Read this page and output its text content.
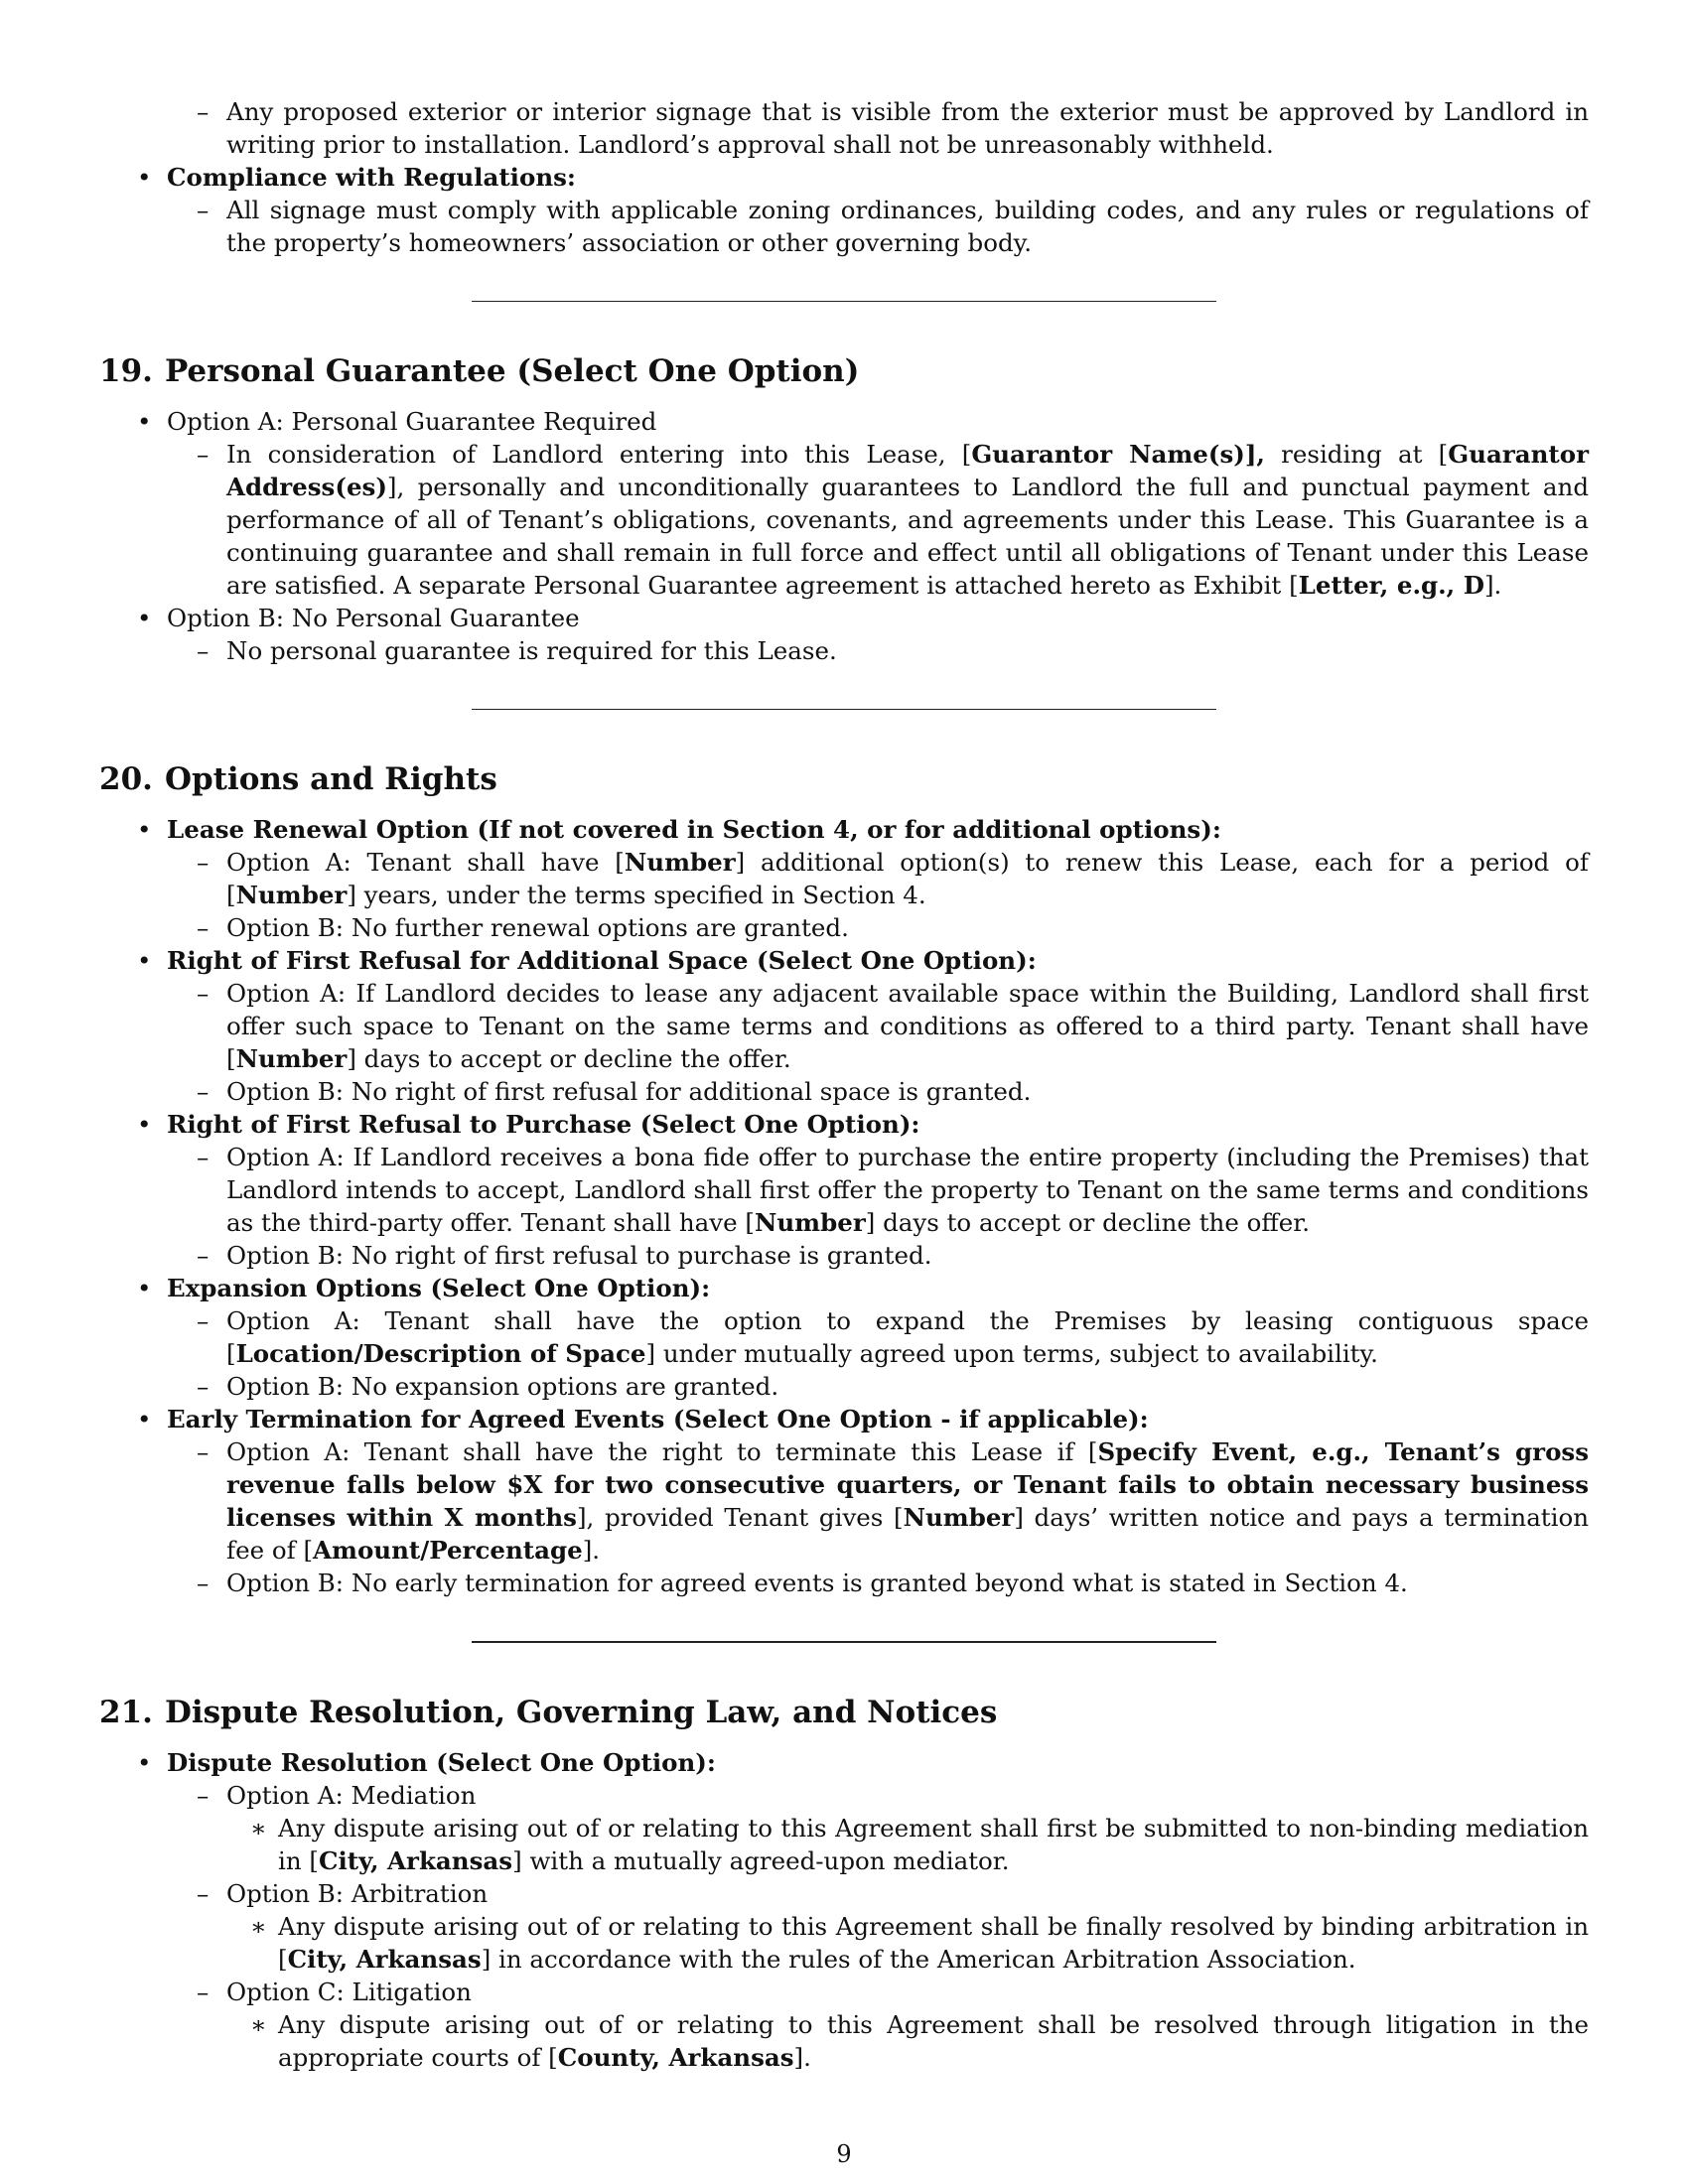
– Any proposed exterior or interior signage that is visible from the exterior must be approved by Landlord in writing prior to installation. Landlord’s approval shall not be unreasonably withheld.
• Compliance with Regulations:
– All signage must comply with applicable zoning ordinances, building codes, and any rules or regulations of the property’s homeowners’ association or other governing body.
19. Personal Guarantee (Select One Option)
• Option A: Personal Guarantee Required
– In consideration of Landlord entering into this Lease, [Guarantor Name(s)], residing at [Guarantor Address(es)], personally and unconditionally guarantees to Landlord the full and punctual payment and performance of all of Tenant’s obligations, covenants, and agreements under this Lease. This Guarantee is a continuing guarantee and shall remain in full force and effect until all obligations of Tenant under this Lease are satisfied. A separate Personal Guarantee agreement is attached hereto as Exhibit [Letter, e.g., D].
• Option B: No Personal Guarantee
– No personal guarantee is required for this Lease.
20. Options and Rights
• Lease Renewal Option (If not covered in Section 4, or for additional options):
– Option A: Tenant shall have [Number] additional option(s) to renew this Lease, each for a period of [Number] years, under the terms specified in Section 4.
– Option B: No further renewal options are granted.
• Right of First Refusal for Additional Space (Select One Option):
– Option A: If Landlord decides to lease any adjacent available space within the Building, Landlord shall first offer such space to Tenant on the same terms and conditions as offered to a third party. Tenant shall have [Number] days to accept or decline the offer.
– Option B: No right of first refusal for additional space is granted.
• Right of First Refusal to Purchase (Select One Option):
– Option A: If Landlord receives a bona fide offer to purchase the entire property (including the Premises) that Landlord intends to accept, Landlord shall first offer the property to Tenant on the same terms and conditions as the third-party offer. Tenant shall have [Number] days to accept or decline the offer.
– Option B: No right of first refusal to purchase is granted.
• Expansion Options (Select One Option):
– Option A: Tenant shall have the option to expand the Premises by leasing contiguous space [Location/Description of Space] under mutually agreed upon terms, subject to availability.
– Option B: No expansion options are granted.
• Early Termination for Agreed Events (Select One Option - if applicable):
– Option A: Tenant shall have the right to terminate this Lease if [Specify Event, e.g., Tenant’s gross revenue falls below $X for two consecutive quarters, or Tenant fails to obtain necessary business licenses within X months], provided Tenant gives [Number] days’ written notice and pays a termination fee of [Amount/Percentage].
– Option B: No early termination for agreed events is granted beyond what is stated in Section 4.
21. Dispute Resolution, Governing Law, and Notices
• Dispute Resolution (Select One Option):
– Option A: Mediation
∗ Any dispute arising out of or relating to this Agreement shall first be submitted to non-binding mediation in [City, Arkansas] with a mutually agreed-upon mediator.
– Option B: Arbitration
∗ Any dispute arising out of or relating to this Agreement shall be finally resolved by binding arbitration in [City, Arkansas] in accordance with the rules of the American Arbitration Association.
– Option C: Litigation
∗ Any dispute arising out of or relating to this Agreement shall be resolved through litigation in the appropriate courts of [County, Arkansas].
9
